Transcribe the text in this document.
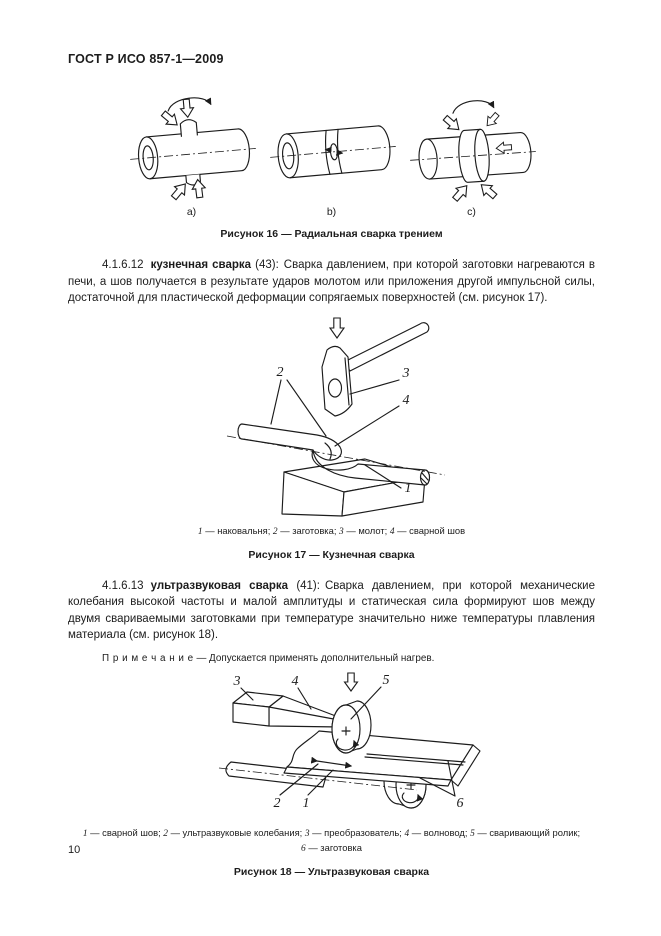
ГОСТ Р ИСО 857-1—2009
a)	b)	c)
Рисунок 16 — Радиальная сварка трением

4.1.6.12 кузнечная сварка (43): Сварка давлением, при которой заготовки нагреваются в печи, а шов получается в результате ударов молотом или приложения другой импульсной силы, достаточной для пластической деформации сопрягаемых поверхностей (см. рисунок 17).

2	3
4
1
1 — наковальня; 2 — заготовка; 3 — молот; 4 — сварной шов
Рисунок 17 — Кузнечная сварка

4.1.6.13 ультразвуковая сварка (41): Сварка давлением, при которой механические колебания высокой частоты и малой амплитуды и статическая сила формируют шов между двумя свариваемыми заготовками при температуре значительно ниже температуры плавления материала (см. рисунок 18).

П р и м е ч а н и е — Допускается применять дополнительный нагрев.
3	4	5
2 1	6
1 — сварной шов; 2 — ультразвуковые колебания; 3 — преобразователь; 4 — волновод; 5 — сваривающий ролик;
6 — заготовка
Рисунок 18 — Ультразвуковая сварка
10
